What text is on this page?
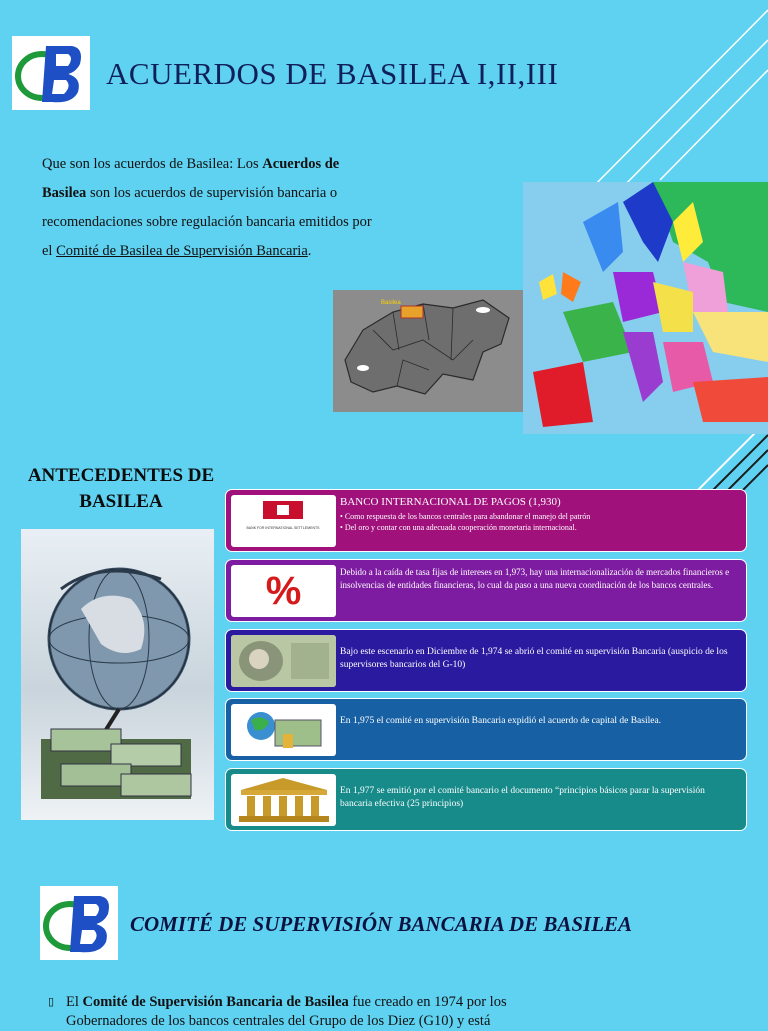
ACUERDOS DE BASILEA I,II,III
Que son los acuerdos de Basilea: Los Acuerdos de Basilea son los acuerdos de supervisión bancaria o recomendaciones sobre regulación bancaria emitidos por el Comité de Basilea de Supervisión Bancaria.
Basilea
ANTECEDENTES DE BASILEA
BANK FOR INTERNATIONAL SETTLEMENTS
BANCO INTERNACIONAL DE PAGOS (1,930)
• Como respuesta de los bancos centrales para abandonar el manejo del patrón
• Del oro y contar con una adecuada cooperación monetaria internacional.
%	Debido a la caída de tasa fijas de intereses en 1,973, hay una internacionalización de mercados financieros e insolvencias de entidades financieras, lo cual da paso a una nueva coordinación de los bancos centrales.
Bajo este escenario en Diciembre de 1,974 se abrió el comité en supervisión Bancaria (auspicio de los supervisores bancarios del G-10)
En 1,975 el comité en supervisión Bancaria expidió el acuerdo de capital de Basilea.
En 1,977 se emitió por el comité bancario el documento “principios básicos parar la supervisión bancaria efectiva (25 principios)
COMITÉ DE SUPERVISIÓN BANCARIA DE BASILEA
▯ El Comité de Supervisión Bancaria de Basilea fue creado en 1974 por los Gobernadores de los bancos centrales del Grupo de los Diez (G10) y está
